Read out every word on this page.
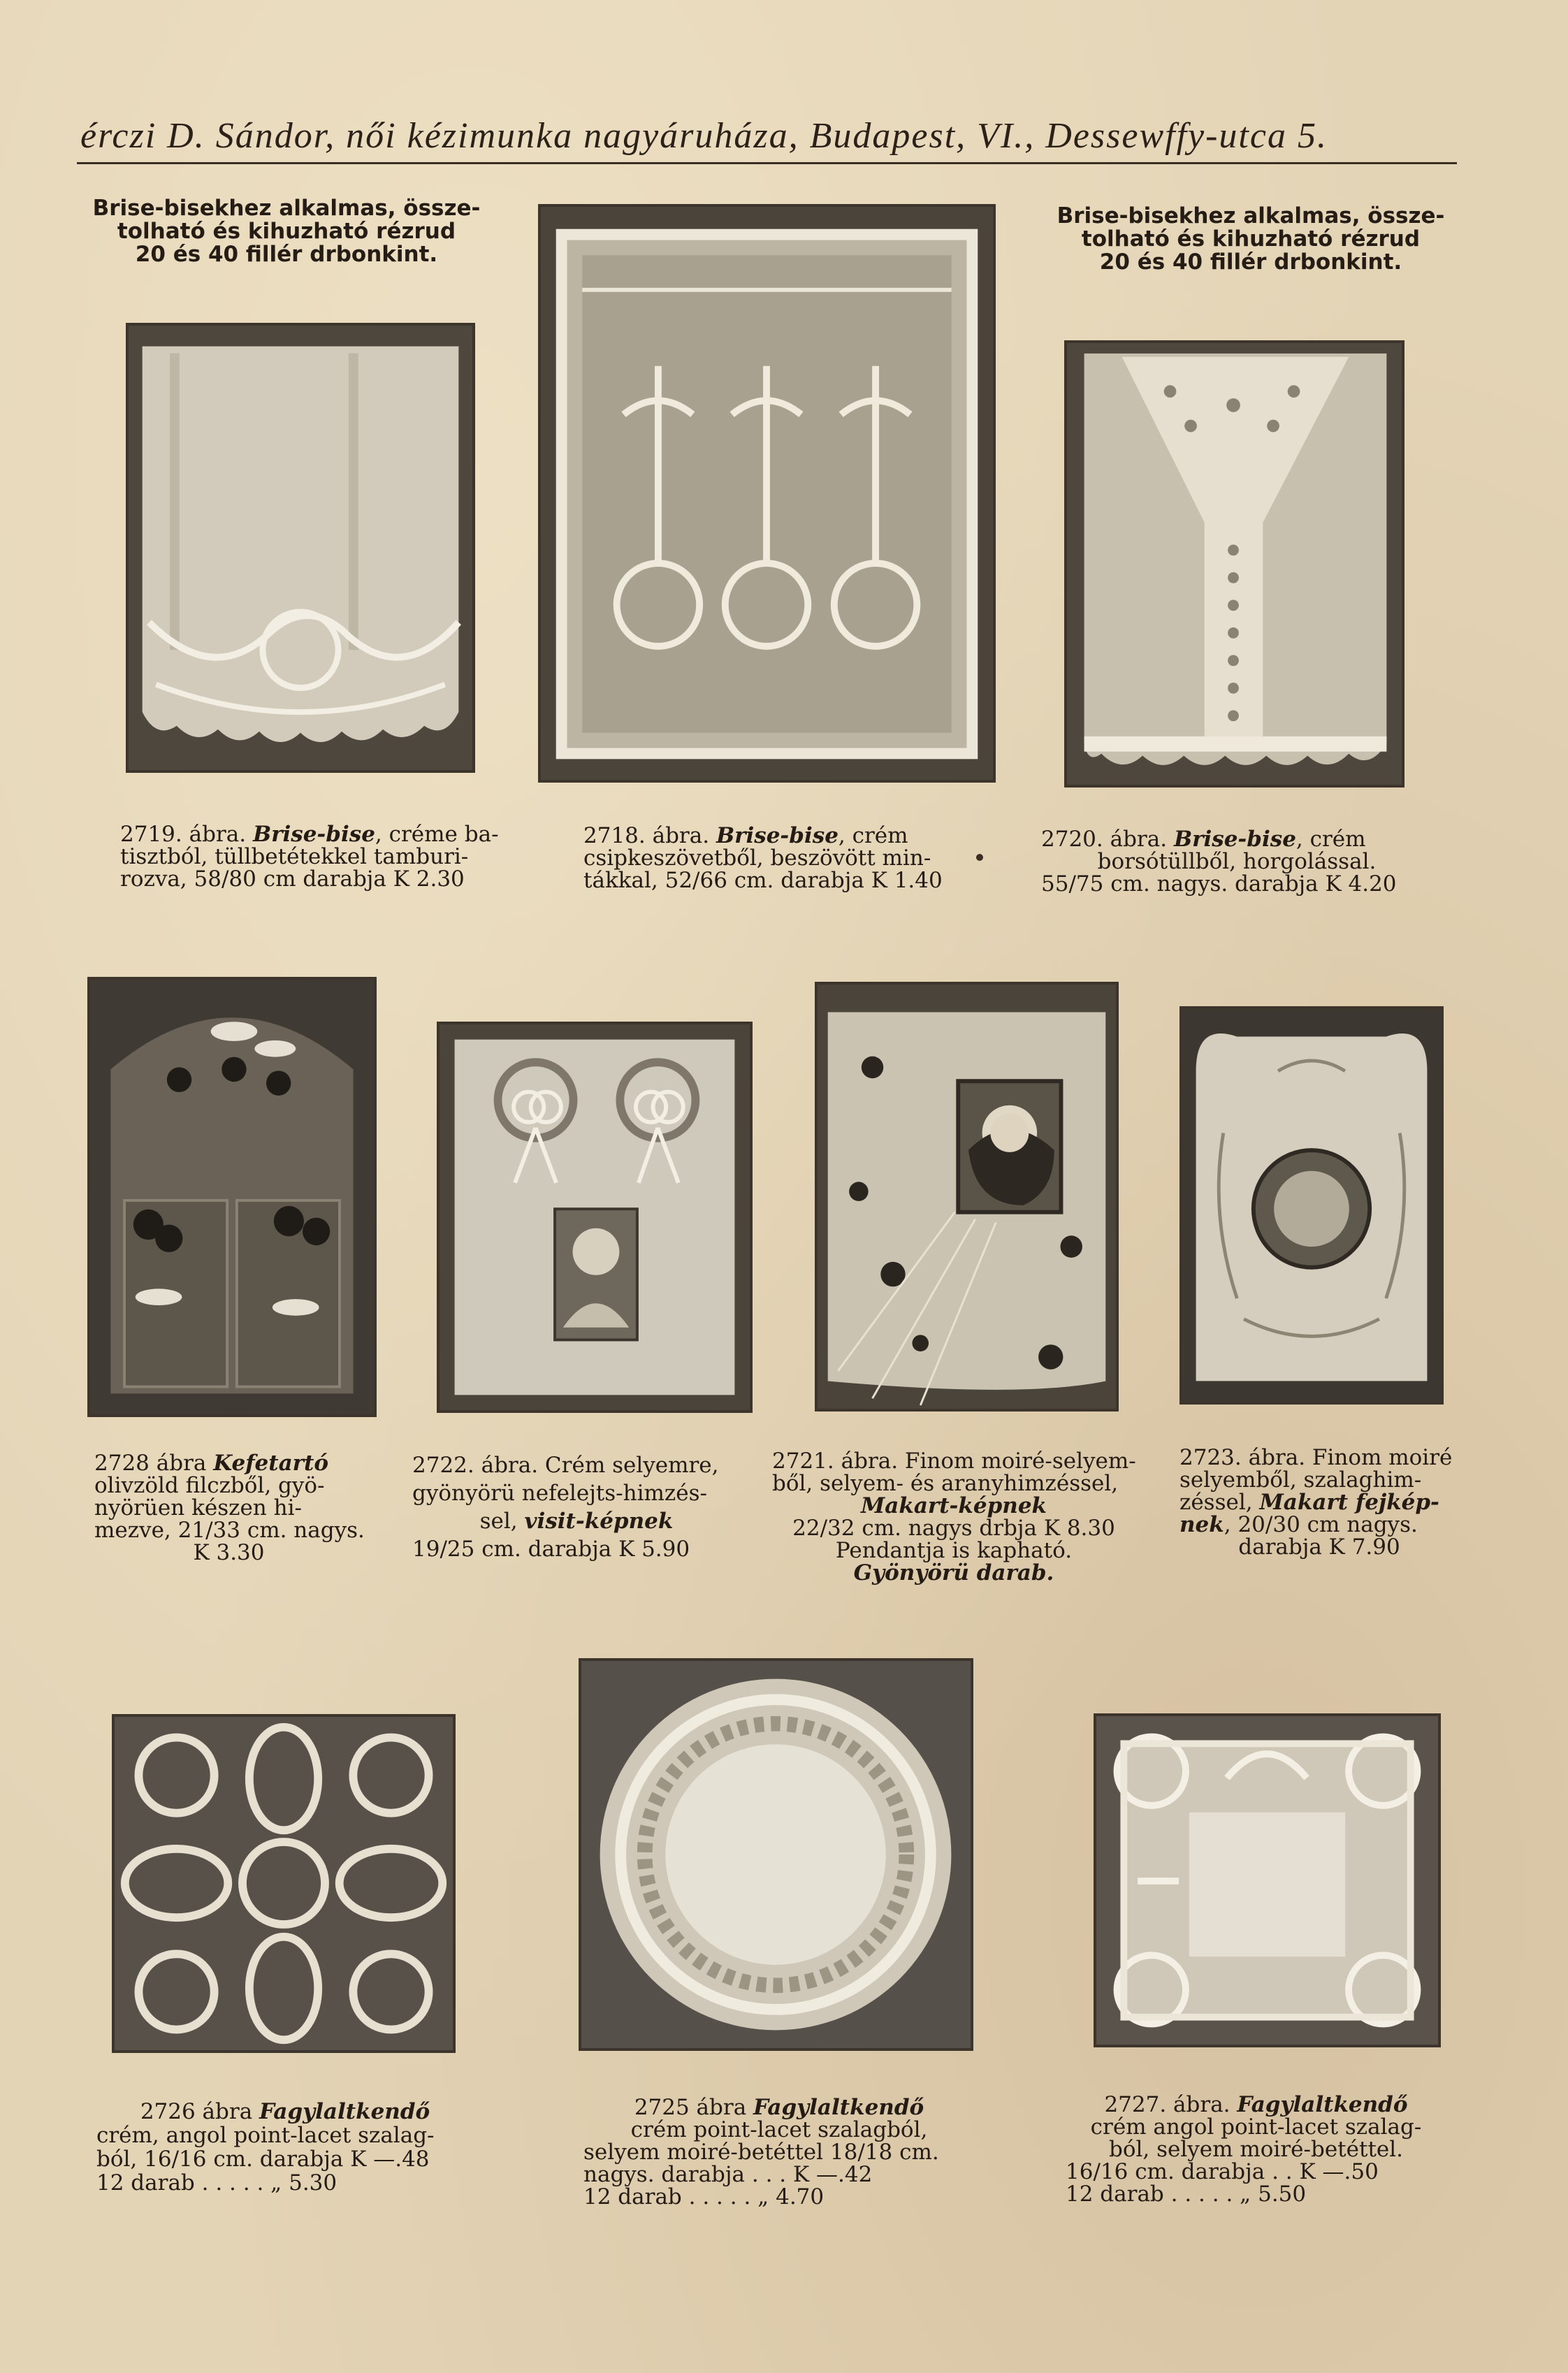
érczi D. Sándor, női kézimunka nagyáruháza, Budapest, VI., Dessewffy-utca 5.

Brise-bisekhez alkalmas, össze-

tolható és kihuzható rézrud

20 és 40 fillér drbonkint.

Brise-bisekhez alkalmas, össze-

tolható és kihuzható rézrud

20 és 40 fillér drbonkint.

2719. ábra. Brise-bise, créme ba-

tisztból, tüllbetétekkel tamburi-

rozva, 58/80 cm darabja K 2.30

2718. ábra. Brise-bise, crém

csipkeszövetből, beszövött min-

tákkal, 52/66 cm. darabja K 1.40

2720. ábra. Brise-bise, crém

borsótüllből, horgolással.

55/75 cm. nagys. darabja K 4.20

2728 ábra Kefetartó

olivzöld filczből, gyö-

nyörüen készen hi-

mezve, 21/33 cm. nagys.

K 3.30

2722. ábra. Crém selyemre,

gyönyörü nefelejts-himzés-

sel, visit-képnek

19/25 cm. darabja K 5.90

2721. ábra. Finom moiré-selyem-

ből, selyem- és aranyhimzéssel,

Makart-képnek

22/32 cm. nagys drbja K 8.30

Pendantja is kapható.

Gyönyörü darab.

2723. ábra. Finom moiré

selyemből, szalaghim-

zéssel, Makart fejkép-

nek, 20/30 cm nagys.

darabja K 7.90

2726 ábra Fagylaltkendő

crém, angol point-lacet szalag-

ból, 16/16 cm. darabja K —.48

12 darab . . . . . „ 5.30

2725 ábra Fagylaltkendő

crém point-lacet szalagból,

selyem moiré-betéttel 18/18 cm.

nagys. darabja . . . K —.42

12 darab . . . . . „ 4.70

2727. ábra. Fagylaltkendő

crém angol point-lacet szalag-

ból, selyem moiré-betéttel.

16/16 cm. darabja . . K —.50

12 darab . . . . . „ 5.50
